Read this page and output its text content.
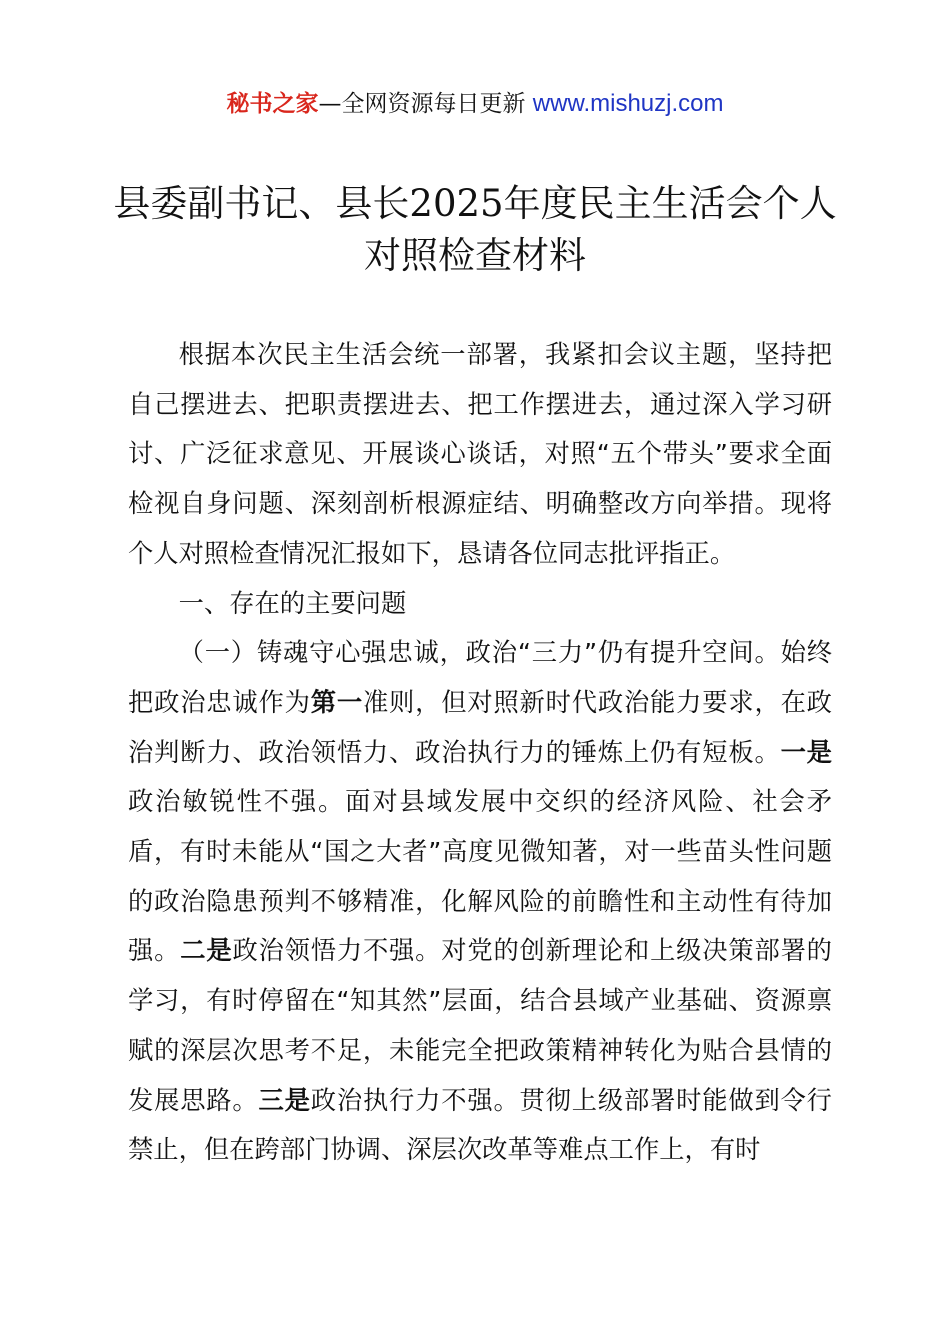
秘书之家—全网资源每日更新 www.mishuzj.com
县委副书记、县长2025年度民主生活会个人
对照检查材料

根据本次民主生活会统一部署，我紧扣会议主题，坚持把自己摆进去、把职责摆进去、把工作摆进去，通过深入学习研讨、广泛征求意见、开展谈心谈话，对照“五个带头”要求全面检视自身问题、深刻剖析根源症结、明确整改方向举措。现将个人对照检查情况汇报如下，恳请各位同志批评指正。

一、存在的主要问题

（一）铸魂守心强忠诚，政治“三力”仍有提升空间。始终把政治忠诚作为第一准则，但对照新时代政治能力要求，在政治判断力、政治领悟力、政治执行力的锤炼上仍有短板。一是政治敏锐性不强。面对县域发展中交织的经济风险、社会矛盾，有时未能从“国之大者”高度见微知著，对一些苗头性问题的政治隐患预判不够精准，化解风险的前瞻性和主动性有待加强。二是政治领悟力不强。对党的创新理论和上级决策部署的学习，有时停留在“知其然”层面，结合县域产业基础、资源禀赋的深层次思考不足，未能完全把政策精神转化为贴合县情的发展思路。三是政治执行力不强。贯彻上级部署时能做到令行禁止，但在跨部门协调、深层次改革等难点工作上，有时
